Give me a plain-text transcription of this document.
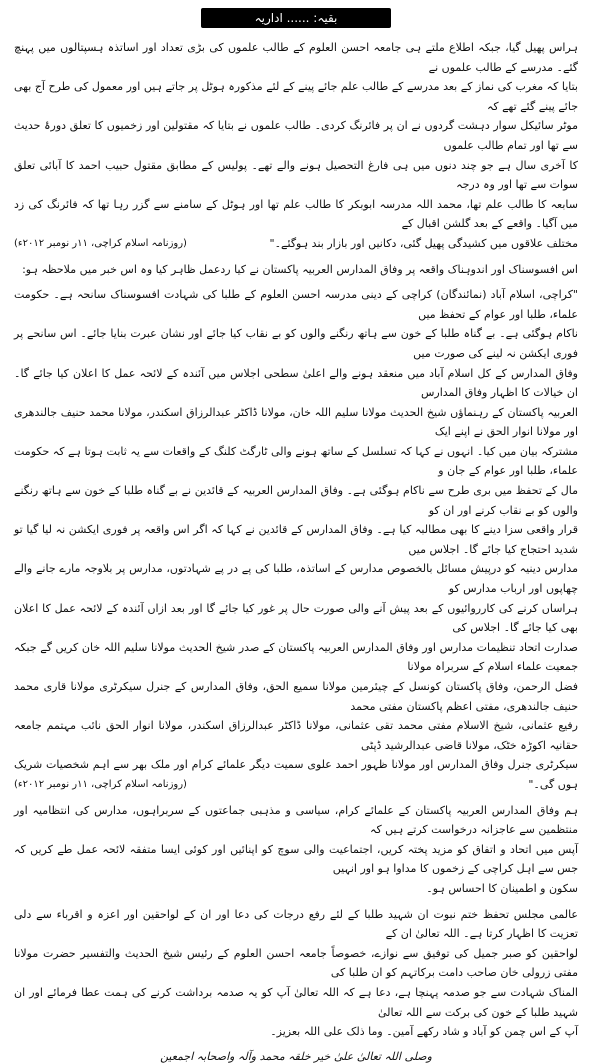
بقیہ: ...... اداریہ
ہراس پھیل گیا، جبکہ اطلاع ملتے ہی جامعہ احسن العلوم کے طالب علموں کی بڑی تعداد اور اساتذہ ہسپتالوں میں پہنچ گئے۔ مدرسے کے طالب علموں نے
بتایا کہ مغرب کی نماز کے بعد مدرسے کے طالب علم جائے پینے کے لئے مذکورہ ہوٹل پر جاتے ہیں اور معمول کی طرح آج بھی جائے پینے گئے تھے کہ
موٹر سائیکل سوار دہشت گردوں نے ان پر فائرنگ کردی۔ طالب علموں نے بتایا کہ مقتولین اور زخمیوں کا تعلق دورۂ حدیث سے تھا اور تمام طالب علموں
کا آخری سال ہے جو چند دنوں میں ہی فارغ التحصیل ہونے والے تھے۔ پولیس کے مطابق مقتول حبیب احمد کا آبائی تعلق سوات سے تھا اور وہ درجہ
سابعہ کا طالب علم تھا، محمد اللہ مدرسہ ابوبکر کا طالب علم تھا اور ہوٹل کے سامنے سے گزر رہا تھا کہ فائرنگ کی زد میں آگیا۔ واقعے کے بعد گلشن اقبال کے
مختلف علاقوں میں کشیدگی پھیل گئی، دکانیں اور بازار بند ہوگئے۔"
(روزنامہ اسلام کراچی، ۱۱ر نومبر ۲۰۱۲ء)
اس افسوسناک اور اندوہناک واقعہ پر وفاق المدارس العربیہ پاکستان نے کیا ردعمل ظاہر کیا وہ اس خبر میں ملاحظہ ہو:
"کراچی، اسلام آباد (نمائندگان) کراچی کے دینی مدرسہ احسن العلوم کے طلبا کی شہادت افسوسناک سانحہ ہے۔ حکومت علماء، طلبا اور عوام کے تحفظ میں
ناکام ہوگئی ہے۔ بے گناہ طلبا کے خون سے ہاتھ رنگنے والوں کو بے نقاب کیا جائے اور نشان عبرت بنایا جائے۔ اس سانحے پر فوری ایکشن نہ لینے کی صورت میں
وفاق المدارس کے کل اسلام آباد میں منعقد ہونے والے اعلیٰ سطحی اجلاس میں آئندہ کے لائحہ عمل کا اعلان کیا جائے گا۔ ان خیالات کا اظہار وفاق المدارس
العربیہ پاکستان کے رہنماؤں شیخ الحدیث مولانا سلیم اللہ خان، مولانا ڈاکٹر عبدالرزاق اسکندر، مولانا محمد حنیف جالندھری اور مولانا انوار الحق نے اپنے ایک
مشترکہ بیان میں کیا۔ انہوں نے کہا کہ تسلسل کے ساتھ ہونے والی ٹارگٹ کلنگ کے واقعات سے یہ ثابت ہوتا ہے کہ حکومت علماء، طلبا اور عوام کے جان و
مال کے تحفظ میں بری طرح سے ناکام ہوگئی ہے۔ وفاق المدارس العربیہ کے قائدین نے بے گناہ طلبا کے خون سے ہاتھ رنگنے والوں کو بے نقاب کرنے اور ان کو
قرار واقعی سزا دینے کا بھی مطالبہ کیا ہے۔ وفاق المدارس کے قائدین نے کہا کہ اگر اس واقعہ پر فوری ایکشن نہ لیا گیا تو شدید احتجاج کیا جائے گا۔ اجلاس میں
مدارس دینیہ کو درپیش مسائل بالخصوص مدارس کے اساتذہ، طلبا کی پے در پے شہادتوں، مدارس پر بلاوجہ مارے جانے والے چھاپوں اور ارباب مدارس کو
ہراساں کرنے کی کارروائیوں کے بعد پیش آنے والی صورت حال پر غور کیا جائے گا اور بعد ازاں آئندہ کے لائحہ عمل کا اعلان بھی کیا جائے گا۔ اجلاس کی
صدارت اتحاد تنظیمات مدارس اور وفاق المدارس العربیہ پاکستان کے صدر شیخ الحدیث مولانا سلیم اللہ خان کریں گے جبکہ جمعیت علماء اسلام کے سربراہ مولانا
فضل الرحمن، وفاق پاکستان کونسل کے چیئرمین مولانا سمیع الحق، وفاق المدارس کے جنرل سیکرٹری مولانا قاری محمد حنیف جالندھری، مفتی اعظم پاکستان مفتی محمد
رفیع عثمانی، شیخ الاسلام مفتی محمد تقی عثمانی، مولانا ڈاکٹر عبدالرزاق اسکندر، مولانا انوار الحق نائب مہتمم جامعہ حقانیہ اکوڑہ خٹک، مولانا قاضی عبدالرشید ڈپٹی
سیکرٹری جنرل وفاق المدارس اور مولانا ظہور احمد علوی سمیت دیگر علمائے کرام اور ملک بھر سے اہم شخصیات شریک ہوں گی۔"
(روزنامہ اسلام کراچی، ۱۱ر نومبر ۲۰۱۲ء)
ہم وفاق المدارس العربیہ پاکستان کے علمائے کرام، سیاسی و مذہبی جماعتوں کے سربراہوں، مدارس کی انتظامیہ اور منتظمین سے عاجزانہ درخواست کرتے ہیں کہ
آپس میں اتحاد و اتفاق کو مزید پختہ کریں، اجتماعیت والی سوچ کو اپنائیں اور کوئی ایسا متفقہ لائحہ عمل طے کریں کہ جس سے اہل کراچی کے زخموں کا مداوا ہو اور انہیں
سکون و اطمینان کا احساس ہو۔
عالمی مجلس تحفظ ختم نبوت ان شہید طلبا کے لئے رفع درجات کی دعا اور ان کے لواحقین اور اعزہ و اقرباء سے دلی تعزیت کا اظہار کرتا ہے۔ اللہ تعالیٰ ان کے
لواحقین کو صبر جمیل کی توفیق سے نوازے، خصوصاً جامعہ احسن العلوم کے رئیس شیخ الحدیث والتفسیر حضرت مولانا مفتی زرولی خان صاحب دامت برکاتہم کو ان طلبا کی
المناک شہادت سے جو صدمہ پہنچا ہے، دعا ہے کہ اللہ تعالیٰ آپ کو یہ صدمہ برداشت کرنے کی ہمت عطا فرمائے اور ان شہید طلبا کے خون کی برکت سے اللہ تعالیٰ
آپ کے اس چمن کو آباد و شاد رکھے آمین۔ وما ذلک علی اللہ بعزیز۔
وصلی اللہ تعالیٰ علیٰ خیر خلقہ محمد وآلہ واصحابہ اجمعین
